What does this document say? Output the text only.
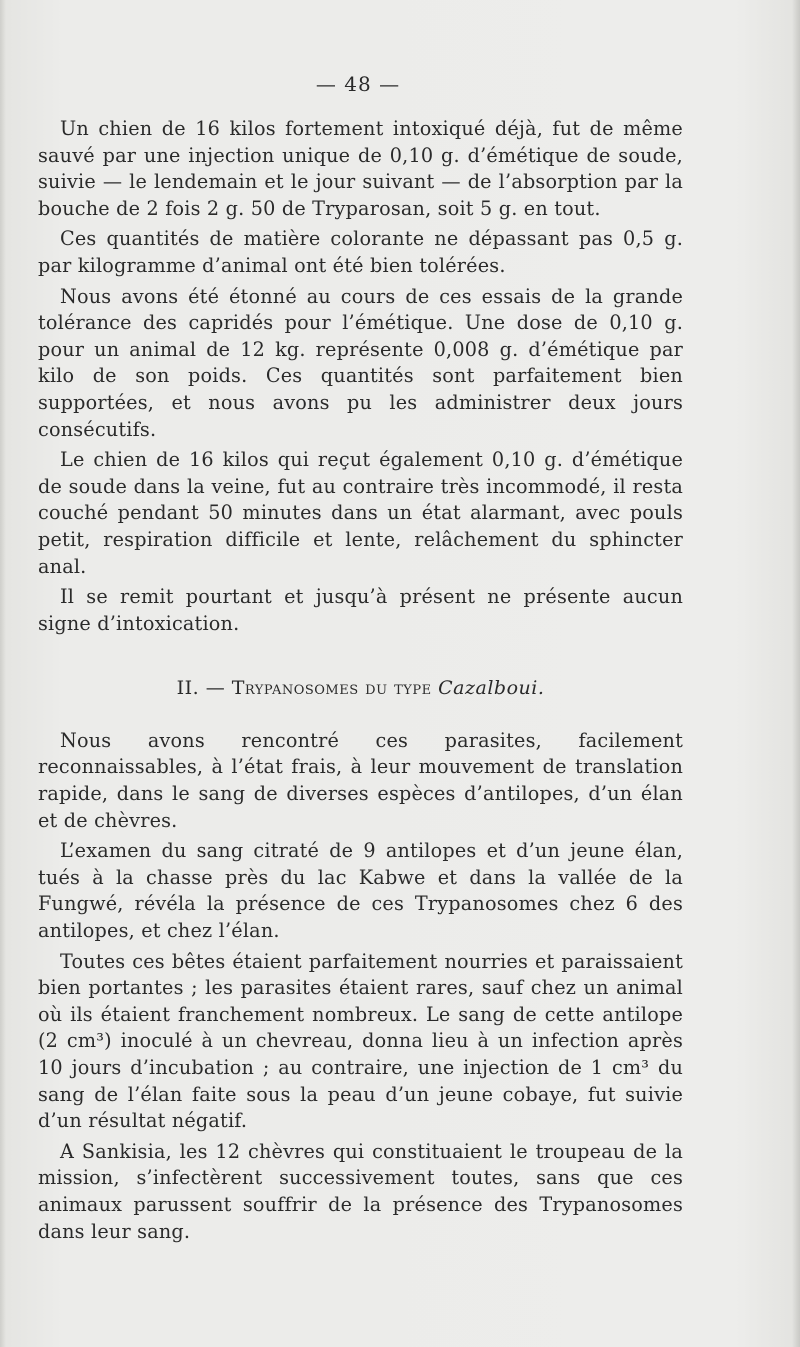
— 48 —

Un chien de 16 kilos fortement intoxiqué déjà, fut de même sauvé par une injection unique de 0,10 g. d’émétique de soude, suivie — le lendemain et le jour suivant — de l’absorption par la bouche de 2 fois 2 g. 50 de Tryparosan, soit 5 g. en tout.

Ces quantités de matière colorante ne dépassant pas 0,5 g. par kilogramme d’animal ont été bien tolérées.

Nous avons été étonné au cours de ces essais de la grande tolérance des capridés pour l’émétique. Une dose de 0,10 g. pour un animal de 12 kg. représente 0,008 g. d’émétique par kilo de son poids. Ces quantités sont parfaitement bien supportées, et nous avons pu les administrer deux jours consécutifs.

Le chien de 16 kilos qui reçut également 0,10 g. d’émétique de soude dans la veine, fut au contraire très incommodé, il resta couché pendant 50 minutes dans un état alarmant, avec pouls petit, respiration difficile et lente, relâchement du sphincter anal.

Il se remit pourtant et jusqu’à présent ne présente aucun signe d’intoxication.

II. — Trypanosomes du type Cazalboui.

Nous avons rencontré ces parasites, facilement reconnaissables, à l’état frais, à leur mouvement de translation rapide, dans le sang de diverses espèces d’antilopes, d’un élan et de chèvres.

L’examen du sang citraté de 9 antilopes et d’un jeune élan, tués à la chasse près du lac Kabwe et dans la vallée de la Fungwé, révéla la présence de ces Trypanosomes chez 6 des antilopes, et chez l’élan.

Toutes ces bêtes étaient parfaitement nourries et paraissaient bien portantes ; les parasites étaient rares, sauf chez un animal où ils étaient franchement nombreux. Le sang de cette antilope (2 cm³) inoculé à un chevreau, donna lieu à un infection après 10 jours d’incubation ; au contraire, une injection de 1 cm³ du sang de l’élan faite sous la peau d’un jeune cobaye, fut suivie d’un résultat négatif.

A Sankisia, les 12 chèvres qui constituaient le troupeau de la mission, s’infectèrent successivement toutes, sans que ces animaux parussent souffrir de la présence des Trypanosomes dans leur sang.
